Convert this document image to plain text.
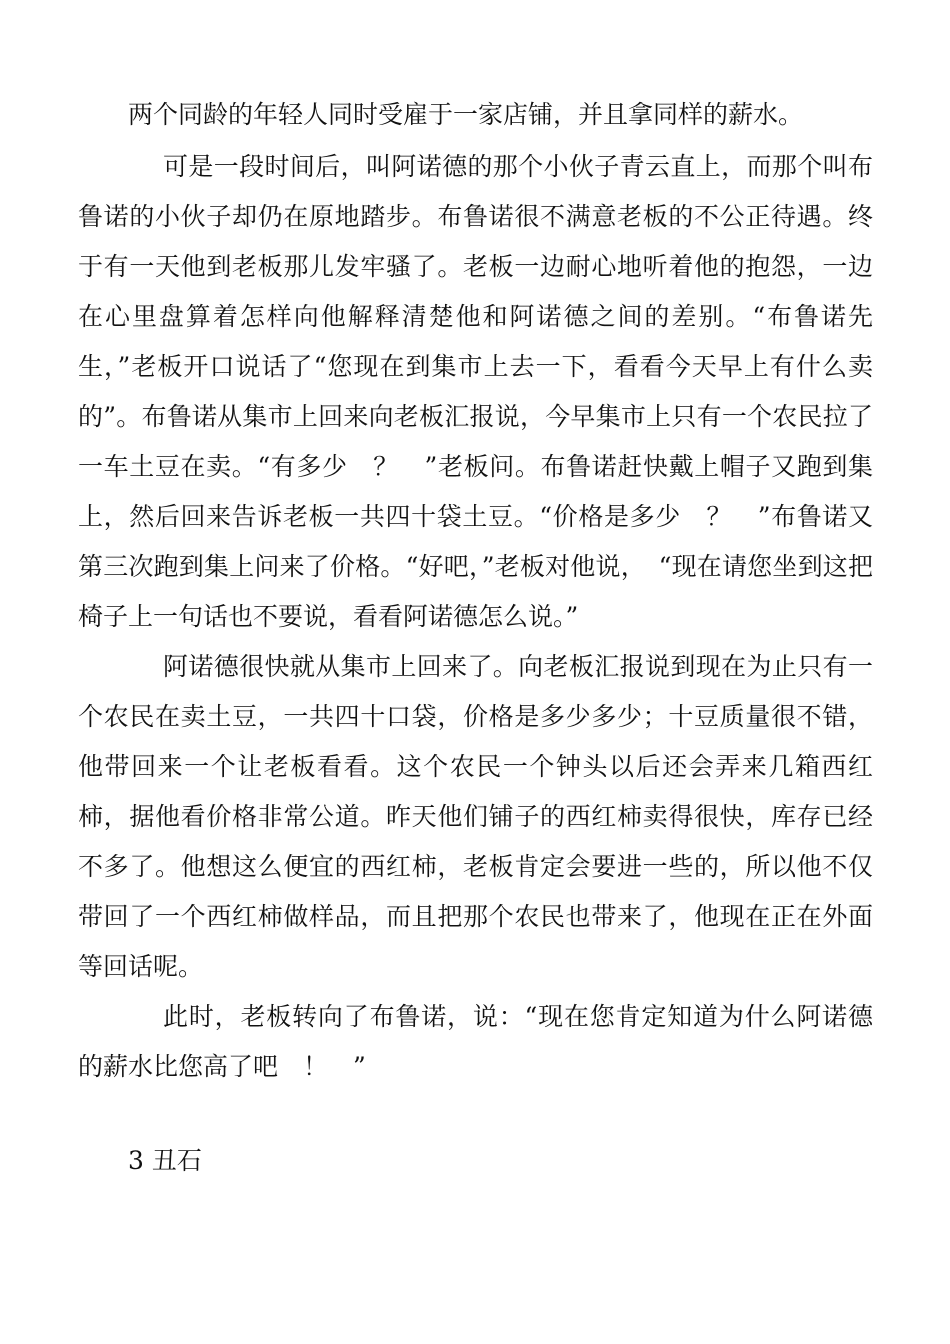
两个同龄的年轻人同时受雇于一家店铺，并且拿同样的薪水。

可是一段时间后，叫阿诺德的那个小伙子青云直上，而那个叫布鲁诺的小伙子却仍在原地踏步。布鲁诺很不满意老板的不公正待遇。终于有一天他到老板那儿发牢骚了。老板一边耐心地听着他的抱怨，一边在心里盘算着怎样向他解释清楚他和阿诺德之间的差别。“布鲁诺先生，”老板开口说话了“您现在到集市上去一下，看看今天早上有什么卖的”。布鲁诺从集市上回来向老板汇报说，今早集市上只有一个农民拉了一车土豆在卖。“有多少　？　”老板问。布鲁诺赶快戴上帽子又跑到集上，然后回来告诉老板一共四十袋土豆。“价格是多少　？　”布鲁诺又第三次跑到集上问来了价格。“好吧，”老板对他说，　“现在请您坐到这把椅子上一句话也不要说，看看阿诺德怎么说。”

阿诺德很快就从集市上回来了。向老板汇报说到现在为止只有一个农民在卖土豆，一共四十口袋，价格是多少多少；十豆质量很不错，他带回来一个让老板看看。这个农民一个钟头以后还会弄来几箱西红柿，据他看价格非常公道。昨天他们铺子的西红柿卖得很快，库存已经不多了。他想这么便宜的西红柿，老板肯定会要进一些的，所以他不仅带回了一个西红柿做样品，而且把那个农民也带来了，他现在正在外面等回话呢。

此时，老板转向了布鲁诺，说：“现在您肯定知道为什么阿诺德的薪水比您高了吧　！　”

3 丑石
